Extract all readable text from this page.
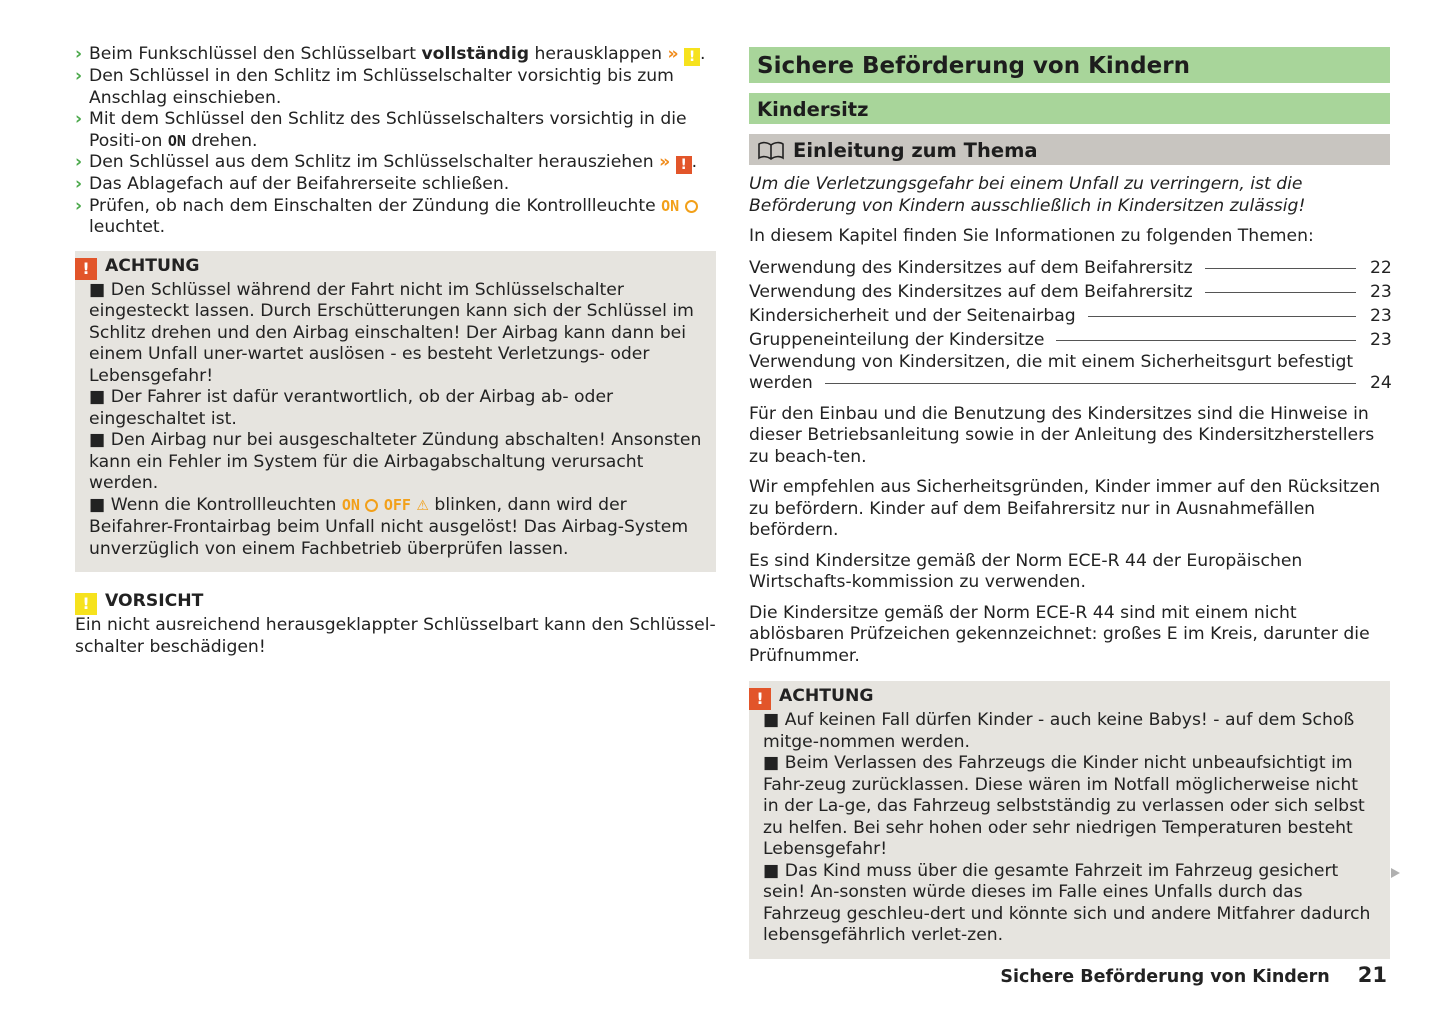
› Beim Funkschlüssel den Schlüsselbart vollständig herausklappen » ! .
› Den Schlüssel in den Schlitz im Schlüsselschalter vorsichtig bis zum Anschlag einschieben.
› Mit dem Schlüssel den Schlitz des Schlüsselschalters vorsichtig in die Positi-on ON drehen.
› Den Schlüssel aus dem Schlitz im Schlüsselschalter herausziehen » ! .
› Das Ablagefach auf der Beifahrerseite schließen.
› Prüfen, ob nach dem Einschalten der Zündung die Kontrollleuchte ON  leuchtet.
! ACHTUNG
■ Den Schlüssel während der Fahrt nicht im Schlüsselschalter eingesteckt lassen. Durch Erschütterungen kann sich der Schlüssel im Schlitz drehen und den Airbag einschalten! Der Airbag kann dann bei einem Unfall uner-wartet auslösen - es besteht Verletzungs- oder Lebensgefahr!
■ Der Fahrer ist dafür verantwortlich, ob der Airbag ab- oder eingeschaltet ist.
■ Den Airbag nur bei ausgeschalteter Zündung abschalten! Ansonsten kann ein Fehler im System für die Airbagabschaltung verursacht werden.
■ Wenn die Kontrollleuchten ON OFF ⚠ blinken, dann wird der Beifahrer-Frontairbag beim Unfall nicht ausgelöst! Das Airbag-System unverzüglich von einem Fachbetrieb überprüfen lassen.
! VORSICHT
Ein nicht ausreichend herausgeklappter Schlüsselbart kann den Schlüssel-schalter beschädigen!
Sichere Beförderung von Kindern
Kindersitz
Einleitung zum Thema
Um die Verletzungsgefahr bei einem Unfall zu verringern, ist die Beförderung von Kindern ausschließlich in Kindersitzen zulässig!
In diesem Kapitel finden Sie Informationen zu folgenden Themen:
Verwendung des Kindersitzes auf dem Beifahrersitz	22
Verwendung des Kindersitzes auf dem Beifahrersitz	23
Kindersicherheit und der Seitenairbag	23
Gruppeneinteilung der Kindersitze	23
Verwendung von Kindersitzen, die mit einem Sicherheitsgurt befestigt
werden	24
Für den Einbau und die Benutzung des Kindersitzes sind die Hinweise in dieser Betriebsanleitung sowie in der Anleitung des Kindersitzherstellers zu beach-ten.
Wir empfehlen aus Sicherheitsgründen, Kinder immer auf den Rücksitzen zu befördern. Kinder auf dem Beifahrersitz nur in Ausnahmefällen befördern.
Es sind Kindersitze gemäß der Norm ECE-R 44 der Europäischen Wirtschafts-kommission zu verwenden.
Die Kindersitze gemäß der Norm ECE-R 44 sind mit einem nicht ablösbaren Prüfzeichen gekennzeichnet: großes E im Kreis, darunter die Prüfnummer.
! ACHTUNG
■ Auf keinen Fall dürfen Kinder - auch keine Babys! - auf dem Schoß mitge-nommen werden.
■ Beim Verlassen des Fahrzeugs die Kinder nicht unbeaufsichtigt im Fahr-zeug zurücklassen. Diese wären im Notfall möglicherweise nicht in der La-ge, das Fahrzeug selbstständig zu verlassen oder sich selbst zu helfen. Bei sehr hohen oder sehr niedrigen Temperaturen besteht Lebensgefahr!
■ Das Kind muss über die gesamte Fahrzeit im Fahrzeug gesichert sein! An-sonsten würde dieses im Falle eines Unfalls durch das Fahrzeug geschleu-dert und könnte sich und andere Mitfahrer dadurch lebensgefährlich verlet-zen.
Sichere Beförderung von Kindern 21
